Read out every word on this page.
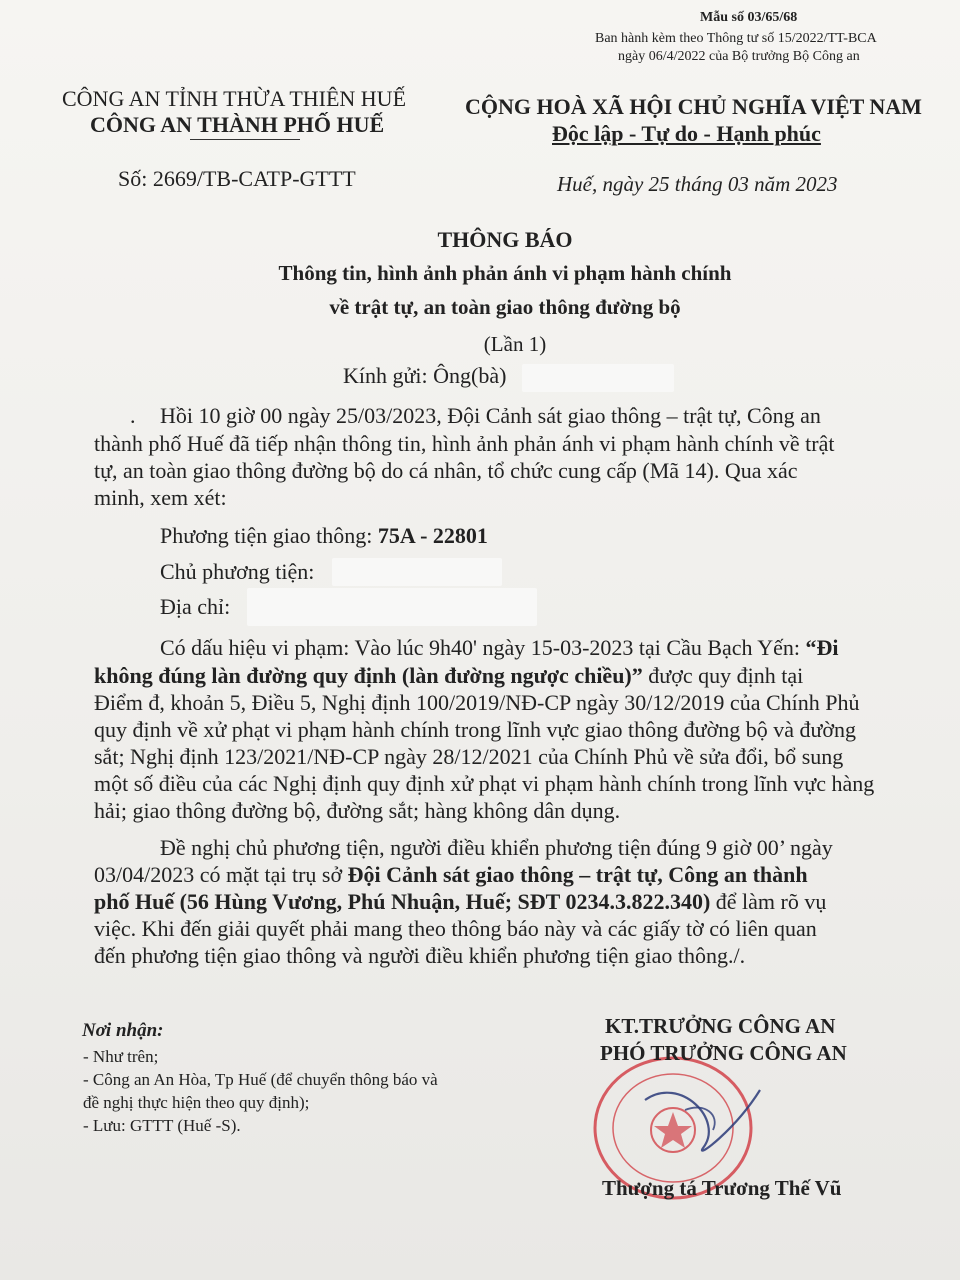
Mẫu số 03/65/68
Ban hành kèm theo Thông tư số 15/2022/TT-BCA
ngày 06/4/2022 của Bộ trưởng Bộ Công an
CÔNG AN TỈNH THỪA THIÊN HUẾ
CÔNG AN THÀNH PHỐ HUẾ
Số: 2669/TB-CATP-GTTT
CỘNG HOÀ XÃ HỘI CHỦ NGHĨA VIỆT NAM
Độc lập - Tự do - Hạnh phúc
Huế, ngày 25 tháng 03 năm 2023
THÔNG BÁO
Thông tin, hình ảnh phản ánh vi phạm hành chính
về trật tự, an toàn giao thông đường bộ
(Lần 1)
Kính gửi: Ông(bà)
Hồi 10 giờ 00 ngày 25/03/2023, Đội Cảnh sát giao thông – trật tự, Công an
thành phố Huế đã tiếp nhận thông tin, hình ảnh phản ánh vi phạm hành chính về trật
tự, an toàn giao thông đường bộ do cá nhân, tổ chức cung cấp (Mã 14). Qua xác
minh, xem xét:
.
Phương tiện giao thông: 75A - 22801
Chủ phương tiện:
Địa chỉ:
Có dấu hiệu vi phạm: Vào lúc 9h40' ngày 15-03-2023 tại Cầu Bạch Yến: “Đi
không đúng làn đường quy định (làn đường ngược chiều)” được quy định tại
Điểm đ, khoản 5, Điều 5, Nghị định 100/2019/NĐ-CP ngày 30/12/2019 của Chính Phủ
quy định về xử phạt vi phạm hành chính trong lĩnh vực giao thông đường bộ và đường
sắt; Nghị định 123/2021/NĐ-CP ngày 28/12/2021 của Chính Phủ về sửa đổi, bổ sung
một số điều của các Nghị định quy định xử phạt vi phạm hành chính trong lĩnh vực hàng
hải; giao thông đường bộ, đường sắt; hàng không dân dụng.
Đề nghị chủ phương tiện, người điều khiển phương tiện đúng 9 giờ 00’ ngày
03/04/2023 có mặt tại trụ sở Đội Cảnh sát giao thông – trật tự, Công an thành
phố Huế (56 Hùng Vương, Phú Nhuận, Huế; SĐT 0234.3.822.340) để làm rõ vụ
việc. Khi đến giải quyết phải mang theo thông báo này và các giấy tờ có liên quan
đến phương tiện giao thông và người điều khiển phương tiện giao thông./.
Nơi nhận:
- Như trên;
- Công an An Hòa, Tp Huế (để chuyển thông báo và
đề nghị thực hiện theo quy định);
- Lưu: GTTT (Huế -S).
KT.TRƯỞNG CÔNG AN
PHÓ TRƯỞNG CÔNG AN
Thượng tá Trương Thế Vũ
